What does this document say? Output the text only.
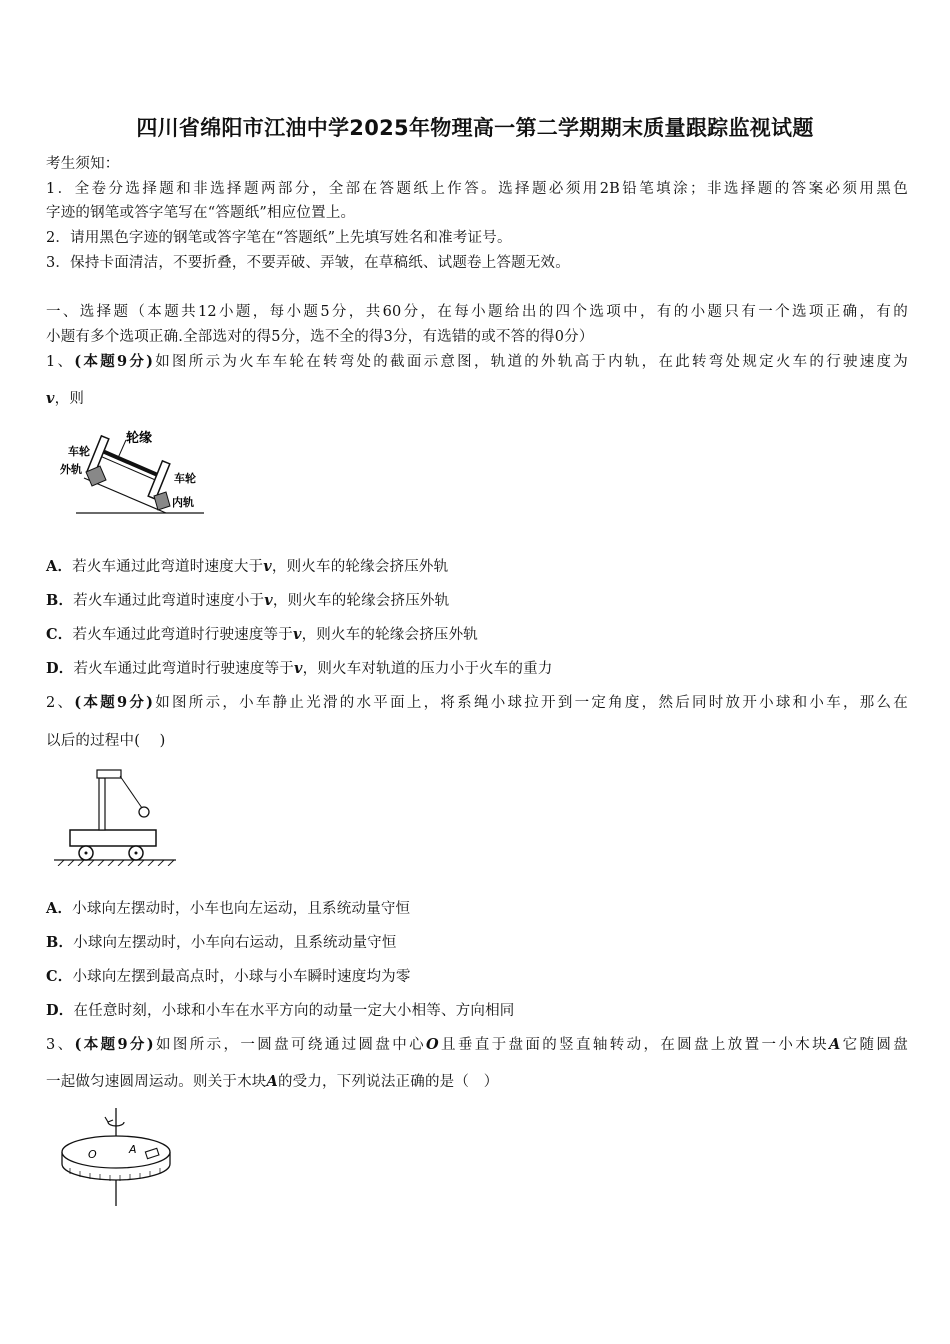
四川省绵阳市江油中学2025年物理高一第二学期期末质量跟踪监视试题
考生须知：
1．全卷分选择题和非选择题两部分，全部在答题纸上作答。选择题必须用2B铅笔填涂；非选择题的答案必须用黑色
字迹的钢笔或答字笔写在“答题纸”相应位置上。
2．请用黑色字迹的钢笔或答字笔在“答题纸”上先填写姓名和准考证号。
3．保持卡面清洁，不要折叠，不要弄破、弄皱，在草稿纸、试题卷上答题无效。
一、选择题（本题共12小题，每小题5分，共60分，在每小题给出的四个选项中，有的小题只有一个选项正确，有的
小题有多个选项正确.全部选对的得5分，选不全的得3分，有选错的或不答的得0分）
1、(本题9分)如图所示为火车车轮在转弯处的截面示意图，轨道的外轨高于内轨，在此转弯处规定火车的行驶速度为
v，则
车轮
外轨
轮缘
车轮
内轨
A．若火车通过此弯道时速度大于v，则火车的轮缘会挤压外轨
B．若火车通过此弯道时速度小于v，则火车的轮缘会挤压外轨
C．若火车通过此弯道时行驶速度等于v，则火车的轮缘会挤压外轨
D．若火车通过此弯道时行驶速度等于v，则火车对轨道的压力小于火车的重力
2、(本题9分)如图所示，小车静止光滑的水平面上，将系绳小球拉开到一定角度，然后同时放开小球和小车，那么在
以后的过程中(　 )
A．小球向左摆动时，小车也向左运动，且系统动量守恒
B．小球向左摆动时，小车向右运动，且系统动量守恒
C．小球向左摆到最高点时，小球与小车瞬时速度均为零
D．在任意时刻，小球和小车在水平方向的动量一定大小相等、方向相同
3、(本题9分)如图所示，一圆盘可绕通过圆盘中心O且垂直于盘面的竖直轴转动，在圆盘上放置一小木块A它随圆盘
一起做匀速圆周运动。则关于木块A的受力，下列说法正确的是（　）
O	A
